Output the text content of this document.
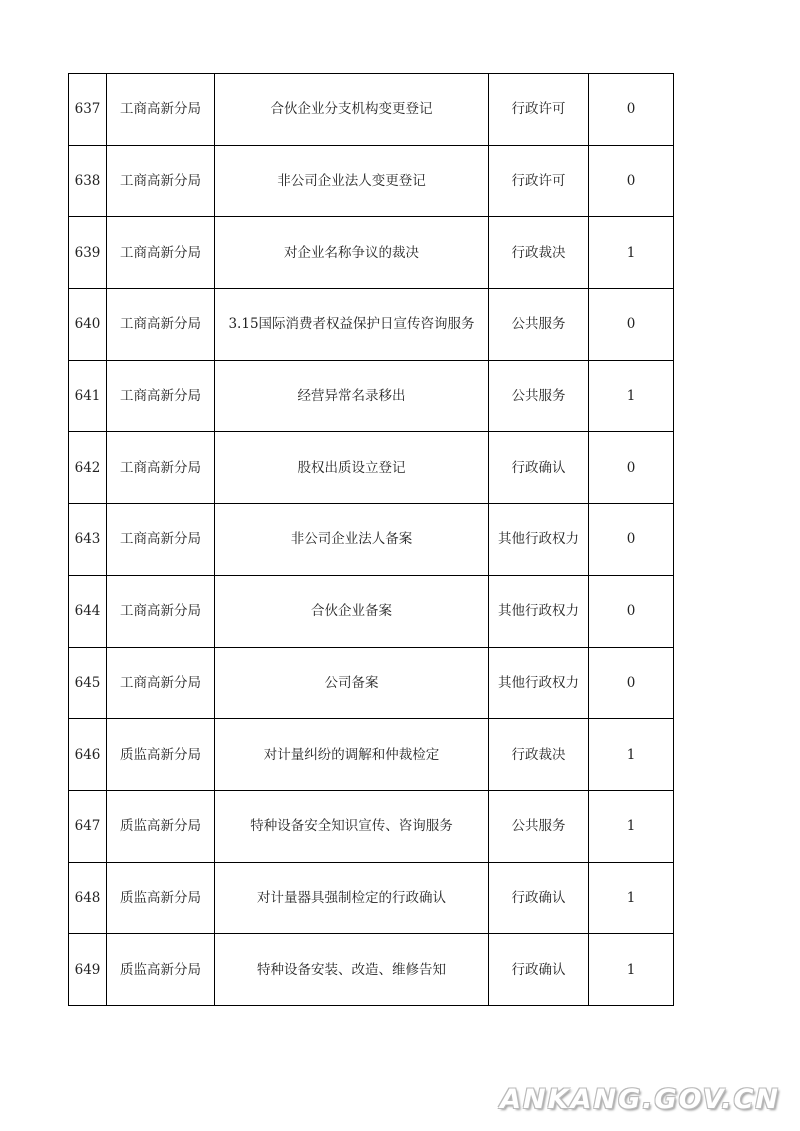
637	工商高新分局	合伙企业分支机构变更登记	行政许可	0
638	工商高新分局	非公司企业法人变更登记	行政许可	0
639	工商高新分局	对企业名称争议的裁决	行政裁决	1
640	工商高新分局	3.15国际消费者权益保护日宣传咨询服务	公共服务	0
641	工商高新分局	经营异常名录移出	公共服务	1
642	工商高新分局	股权出质设立登记	行政确认	0
643	工商高新分局	非公司企业法人备案	其他行政权力	0
644	工商高新分局	合伙企业备案	其他行政权力	0
645	工商高新分局	公司备案	其他行政权力	0
646	质监高新分局	对计量纠纷的调解和仲裁检定	行政裁决	1
647	质监高新分局	特种设备安全知识宣传、咨询服务	公共服务	1
648	质监高新分局	对计量器具强制检定的行政确认	行政确认	1
649	质监高新分局	特种设备安装、改造、维修告知	行政确认	1
ANKANG.GOV.CN
